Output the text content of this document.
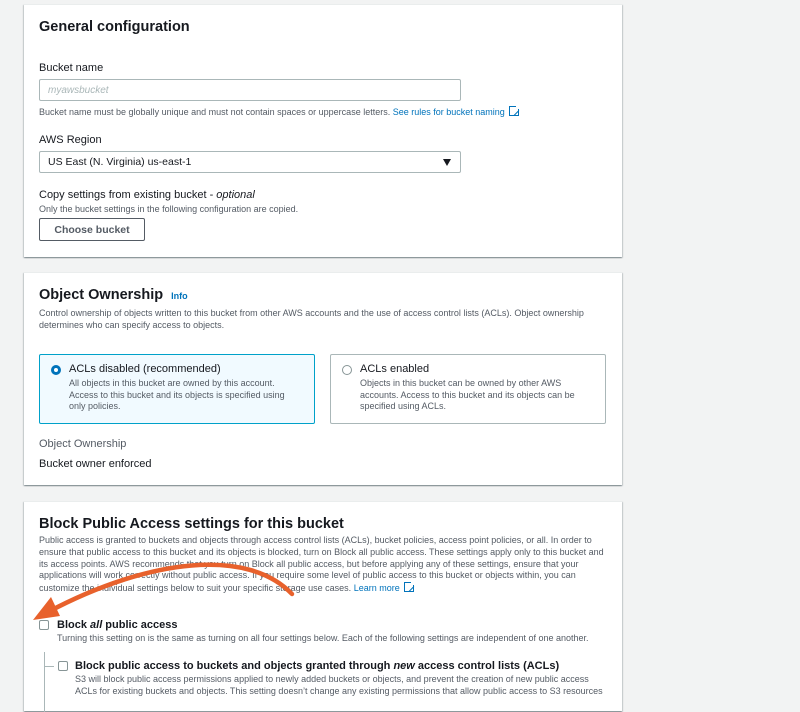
General configuration
Bucket name
myawsbucket
Bucket name must be globally unique and must not contain spaces or uppercase letters. See rules for bucket naming
AWS Region
US East (N. Virginia) us-east-1
Copy settings from existing bucket - optional
Only the bucket settings in the following configuration are copied.
Choose bucket
Object Ownership Info
Control ownership of objects written to this bucket from other AWS accounts and the use of access control lists (ACLs). Object ownership determines who can specify access to objects.
ACLs disabled (recommended)
All objects in this bucket are owned by this account. Access to this bucket and its objects is specified using only policies.
ACLs enabled
Objects in this bucket can be owned by other AWS accounts. Access to this bucket and its objects can be specified using ACLs.
Object Ownership
Bucket owner enforced
Block Public Access settings for this bucket
Public access is granted to buckets and objects through access control lists (ACLs), bucket policies, access point policies, or all. In order to ensure that public access to this bucket and its objects is blocked, turn on Block all public access. These settings apply only to this bucket and its access points. AWS recommends that you turn on Block all public access, but before applying any of these settings, ensure that your applications will work correctly without public access. If you require some level of public access to this bucket or objects within, you can customize the individual settings below to suit your specific storage use cases. Learn more
Block all public access
Turning this setting on is the same as turning on all four settings below. Each of the following settings are independent of one another.
Block public access to buckets and objects granted through new access control lists (ACLs)
S3 will block public access permissions applied to newly added buckets or objects, and prevent the creation of new public access ACLs for existing buckets and objects. This setting doesn’t change any existing permissions that allow public access to S3 resources
